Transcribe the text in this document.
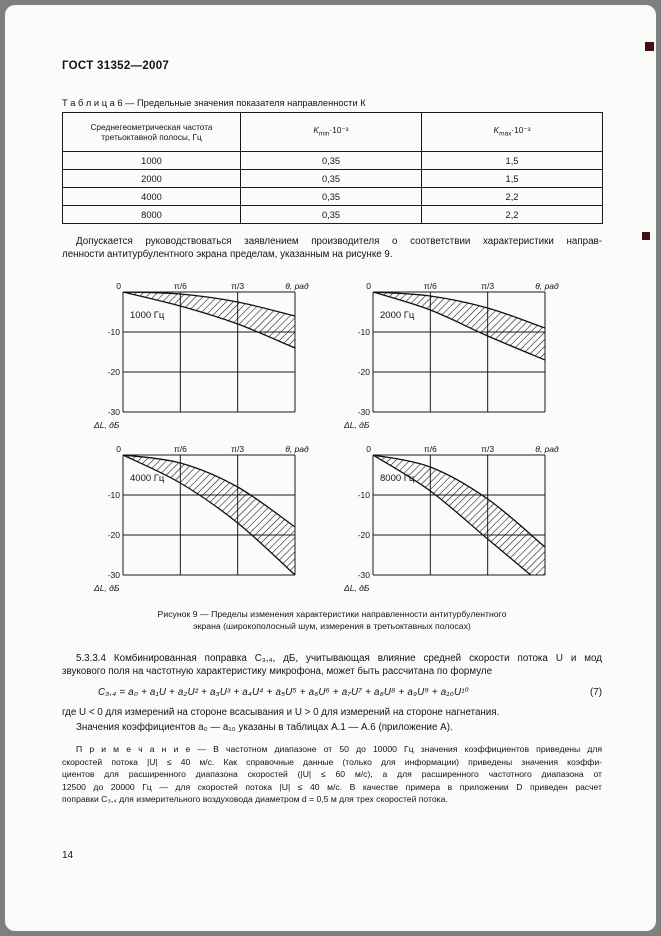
ГОСТ 31352—2007
Т а б л и ц а 6 — Предельные значения показателя направленности К
Среднегеометрическая частота третьоктавной полосы, Гц	$K_{min}\cdot 10^{-3}$	$K_{max}\cdot 10^{-3}$
1000	0,35	1,5
2000	0,35	1,5
4000	0,35	2,2
8000	0,35	2,2
Допускается руководствоваться заявлением производителя о соответствии характеристики направ-
ленности антитурбулентного экрана пределам, указанным на рисунке 9.
0	π/6	π/3	θ, рад
-10
-20
-30
1000 Гц
ΔL, дБ
0	π/6	π/3	θ, рад
-10
-20
-30
2000 Гц
ΔL, дБ
0	π/6	π/3	θ, рад
-10
-20
-30
4000 Гц
ΔL, дБ
0	π/6	π/3	θ, рад
-10
-20
-30
8000 Гц
ΔL, дБ
Рисунок 9 — Пределы изменения характеристики направленности антитурбулентного
экрана (широкополосный шум, измерения в третьоктавных полосах)
5.3.3.4 Комбинированная поправка C₃,₄, дБ, учитывающая влияние средней скорости потока U и мод
звукового поля на частотную характеристику микрофона, может быть рассчитана по формуле
C₃,₄ = a₀ + a₁U + a₂U² + a₃U³ + a₄U⁴ + a₅U⁵ + a₆U⁶ + a₇U⁷ + a₈U⁸ + a₉U⁹ + a₁₀U¹⁰	(7)
где U < 0 для измерений на стороне всасывания и U > 0 для измерений на стороне нагнетания.
Значения коэффициентов a₀ — a₁₀ указаны в таблицах А.1 — А.6 (приложение А).
П р и м е ч а н и е — В частотном диапазоне от 50 до 10000 Гц значения коэффициентов приведены для
скоростей потока |U| ≤ 40 м/с. Как справочные данные (только для информации) приведены значения коэффи-
циентов для расширенного диапазона скоростей (|U| ≤ 60 м/с), а для расширенного частотного диапазона от
12500 до 20000 Гц — для скоростей потока |U| ≤ 40 м/с. В качестве примера в приложении D приведен расчет
поправки C₃,₄ для измерительного воздуховода диаметром d = 0,5 м для трех скоростей потока.
14
